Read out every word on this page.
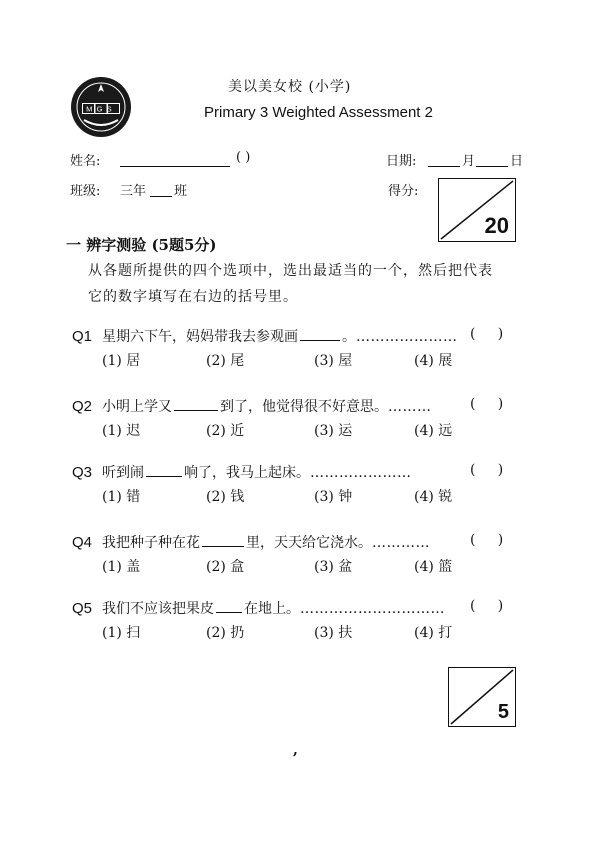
MGS
美以美女校 (小学)
Primary 3 Weighted Assessment 2
姓名:	( )	日期:	月	日
班级: 三年 班	得分:
20
一 辨字测验 (5题5分)
从各题所提供的四个选项中，选出最适当的一个，然后把代表
它的数字填写在右边的括号里。
Q1 星期六下午，妈妈带我去参观画	。………………… (     )
(1) 居	(2) 尾	(3) 屋	(4) 展
Q2 小明上学又	到了，他觉得很不好意思。………	(     )
(1) 迟	(2) 近	(3) 运	(4) 远
Q3 听到闹	响了，我马上起床。…………………	(     )
(1) 错	(2) 钱	(3) 钟	(4) 锐
Q4 我把种子种在花	里，天天给它浇水。…………	(     )
(1) 盖	(2) 盒	(3) 盆	(4) 篮
Q5 我们不应该把果皮 在地上。………………………… (     )
(1) 扫	(2) 扔	(3) 扶	(4) 打
5
,
